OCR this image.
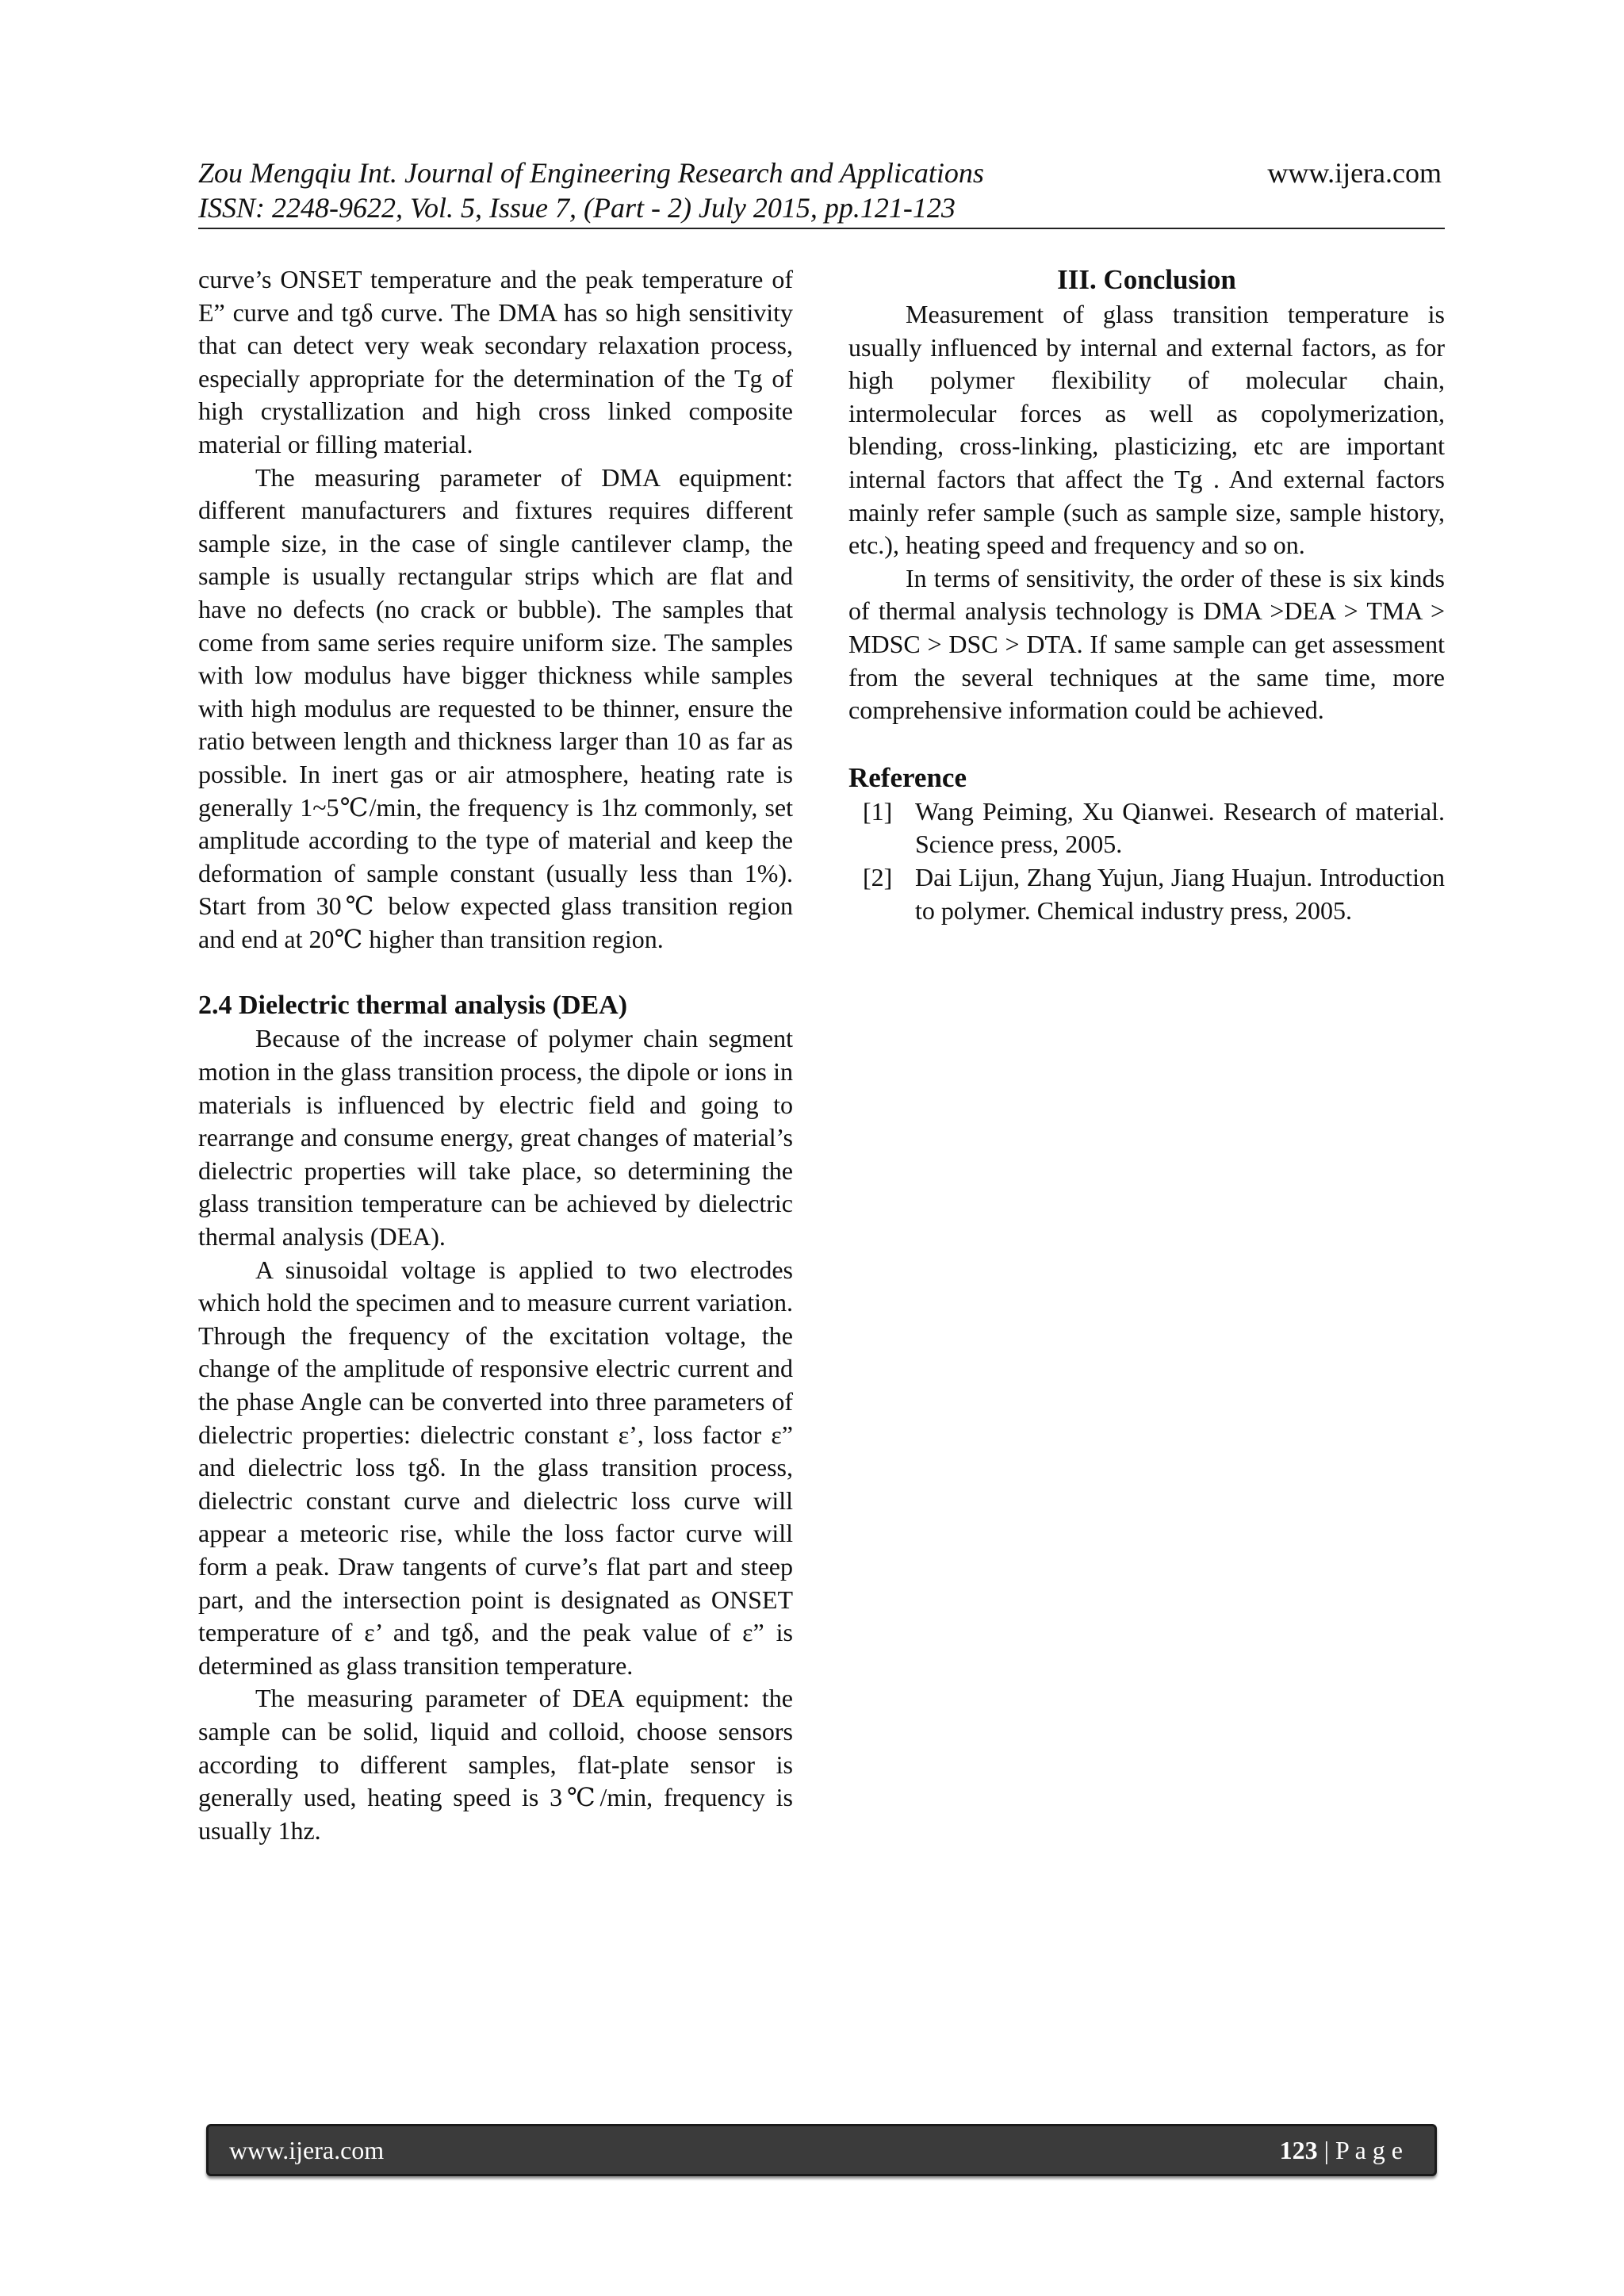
Zou Mengqiu Int. Journal of Engineering Research and Applications	www.ijera.com

ISSN: 2248-9622, Vol. 5, Issue 7, (Part - 2) July 2015, pp.121-123

curve’s ONSET temperature and the peak temperature of E” curve and tgδ curve. The DMA has so high sensitivity that can detect very weak secondary relaxation process, especially appropriate for the determination of the Tg of high crystallization and high cross linked composite material or filling material.

The measuring parameter of DMA equipment: different manufacturers and fixtures requires different sample size, in the case of single cantilever clamp, the sample is usually rectangular strips which are flat and have no defects (no crack or bubble). The samples that come from same series require uniform size. The samples with low modulus have bigger thickness while samples with high modulus are requested to be thinner, ensure the ratio between length and thickness larger than 10 as far as possible. In inert gas or air atmosphere, heating rate is generally 1~5℃/min, the frequency is 1hz commonly, set amplitude according to the type of material and keep the deformation of sample constant (usually less than 1%). Start from 30℃ below expected glass transition region and end at 20℃ higher than transition region.

2.4 Dielectric thermal analysis (DEA)

Because of the increase of polymer chain segment motion in the glass transition process, the dipole or ions in materials is influenced by electric field and going to rearrange and consume energy, great changes of material’s dielectric properties will take place, so determining the glass transition temperature can be achieved by dielectric thermal analysis (DEA).

A sinusoidal voltage is applied to two electrodes which hold the specimen and to measure current variation. Through the frequency of the excitation voltage, the change of the amplitude of responsive electric current and the phase Angle can be converted into three parameters of dielectric properties: dielectric constant ε’, loss factor ε” and dielectric loss tgδ. In the glass transition process, dielectric constant curve and dielectric loss curve will appear a meteoric rise, while the loss factor curve will form a peak. Draw tangents of curve’s flat part and steep part, and the intersection point is designated as ONSET temperature of ε’ and tgδ, and the peak value of ε” is determined as glass transition temperature.

The measuring parameter of DEA equipment: the sample can be solid, liquid and colloid, choose sensors according to different samples, flat-plate sensor is generally used, heating speed is 3℃/min, frequency is usually 1hz.

III. Conclusion

Measurement of glass transition temperature is usually influenced by internal and external factors, as for high polymer flexibility of molecular chain, intermolecular forces as well as copolymerization, blending, cross-linking, plasticizing, etc are important internal factors that affect the Tg . And external factors mainly refer sample (such as sample size, sample history, etc.), heating speed and frequency and so on.

In terms of sensitivity, the order of these is six kinds of thermal analysis technology is DMA >DEA > TMA > MDSC > DSC > DTA. If same sample can get assessment from the several techniques at the same time, more comprehensive information could be achieved.

Reference
[1] Wang Peiming, Xu Qianwei. Research of material. Science press, 2005.
[2] Dai Lijun, Zhang Yujun, Jiang Huajun. Introduction to polymer. Chemical industry press, 2005.
www.ijera.com	123 | P a g e
